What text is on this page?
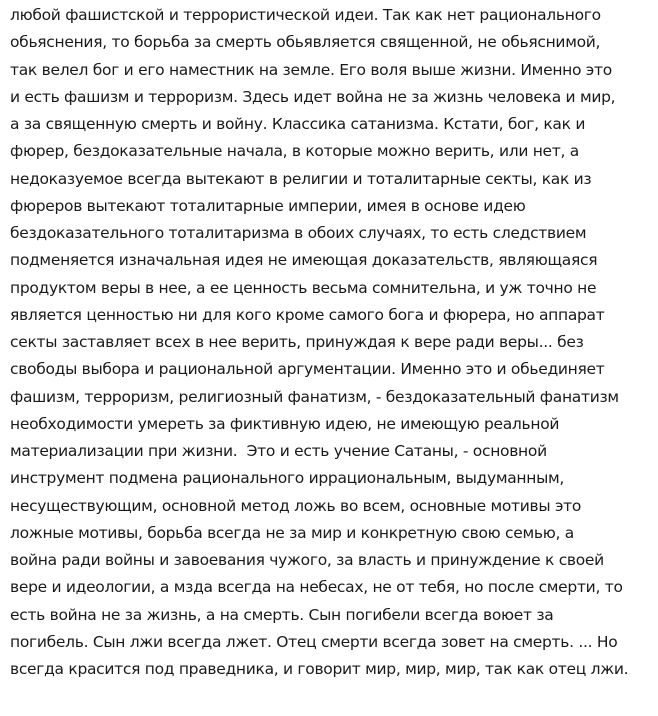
любой фашистской и террористической идеи. Так как нет рационального
обьяснения, то борьба за смерть обьявляется священной, не обьяснимой,
так велел бог и его наместник на земле. Его воля выше жизни. Именно это
и есть фашизм и терроризм. Здесь идет война не за жизнь человека и мир,
а за священную смерть и войну. Классика сатанизма. Кстати, бог, как и
фюрер, бездоказательные начала, в которые можно верить, или нет, а
недоказуемое всегда вытекают в религии и тоталитарные секты, как из
фюреров вытекают тоталитарные империи, имея в основе идею
бездоказательного тоталитаризма в обоих случаях, то есть следствием
подменяется изначальная идея не имеющая доказательств, являющаяся
продуктом веры в нее, а ее ценность весьма сомнительна, и уж точно не
является ценностью ни для кого кроме самого бога и фюрера, но аппарат
секты заставляет всех в нее верить, принуждая к вере ради веры... без
свободы выбора и рациональной аргументации. Именно это и обьединяет
фашизм, терроризм, религиозный фанатизм, - бездоказательный фанатизм
необходимости умереть за фиктивную идею, не имеющую реальной
материализации при жизни.  Это и есть учение Сатаны, - основной
инструмент подмена рационального иррациональным, выдуманным,
несуществующим, основной метод ложь во всем, основные мотивы это
ложные мотивы, борьба всегда не за мир и конкретную свою семью, а
война ради войны и завоевания чужого, за власть и принуждение к своей
вере и идеологии, а мзда всегда на небесах, не от тебя, но после смерти, то
есть война не за жизнь, а на смерть. Сын погибели всегда воюет за
погибель. Сын лжи всегда лжет. Отец смерти всегда зовет на смерть. ... Но
всегда красится под праведника, и говорит мир, мир, мир, так как отец лжи.
